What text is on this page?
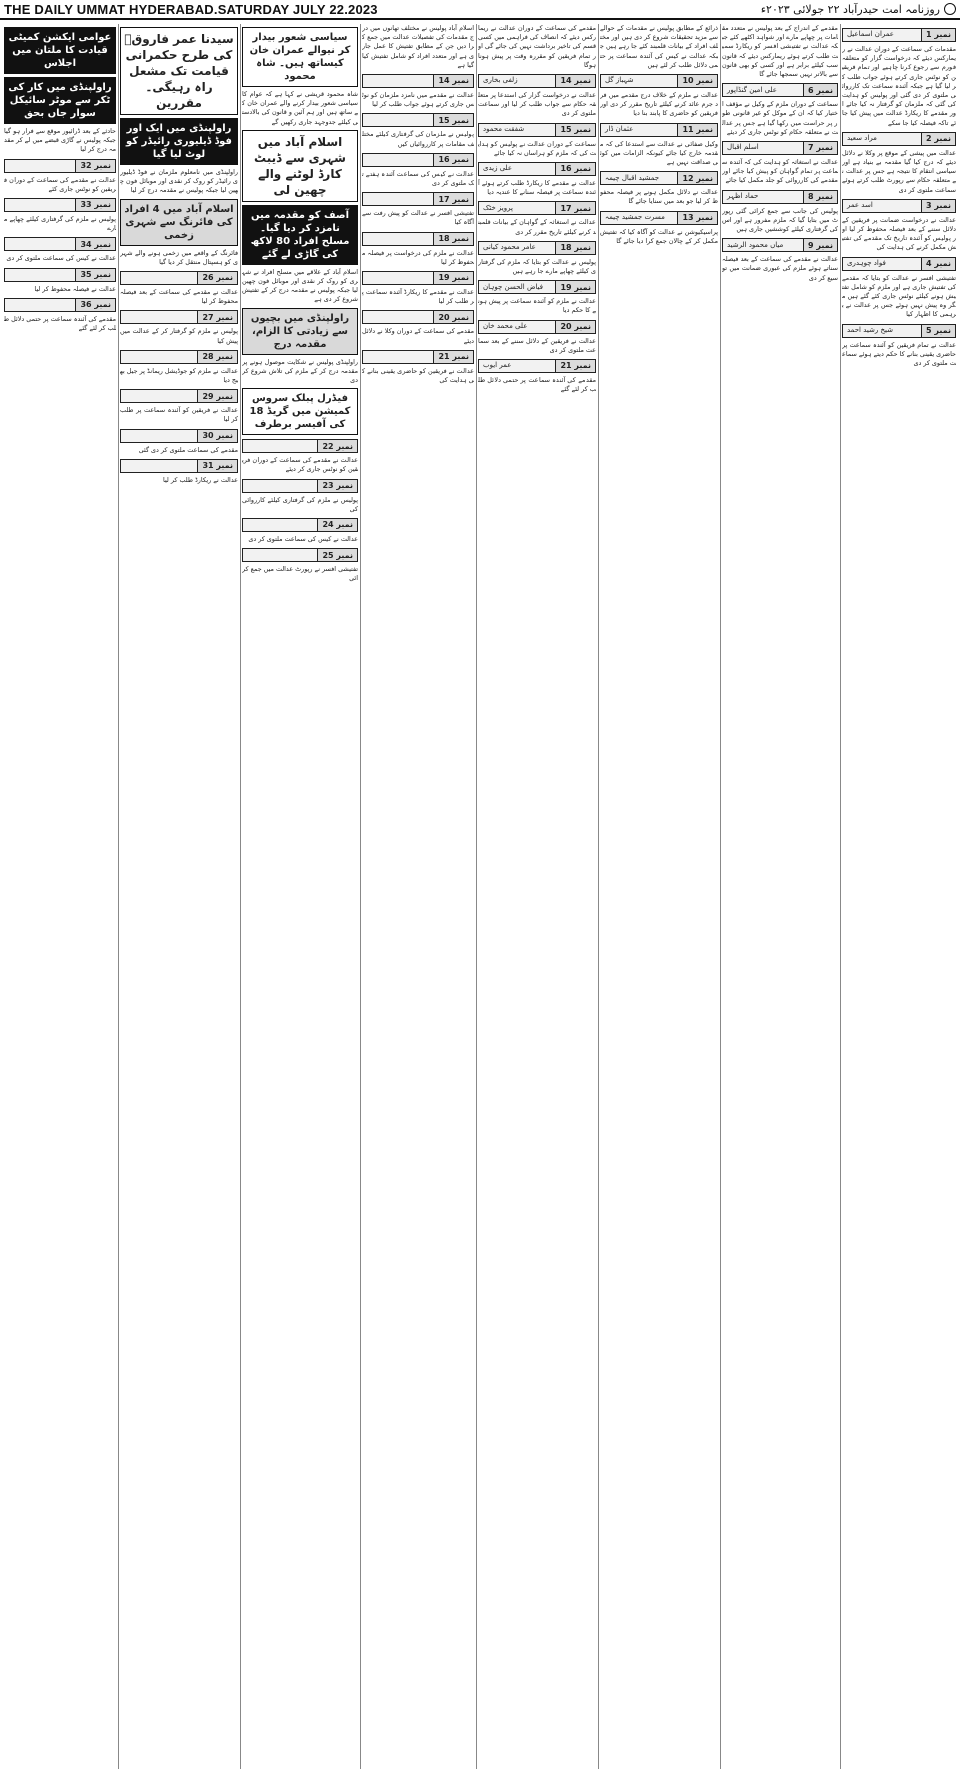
THE DAILY UMMAT HYDERABAD.SATURDAY JULY 22.2023	روزنامہ امت حیدرآباد ۲۲ جولائی ۲۰۲۳ء
نمبر 1
عمران اسماعیل

مقدمات کی سماعت کے دوران عدالت نے ریمارکس دیئے کہ درخواست گزار کو متعلقہ فورم سے رجوع کرنا چاہیے اور تمام فریقین کو نوٹس جاری کرتے ہوئے جواب طلب کر لیا گیا ہے جبکہ آئندہ سماعت تک کارروائی ملتوی کر دی گئی اور پولیس کو ہدایت کی گئی کہ ملزمان کو گرفتار نہ کیا جائے اور مقدمے کا ریکارڈ عدالت میں پیش کیا جائے تاکہ فیصلہ کیا جا سکے

نمبر 2
مراد سعید

عدالت میں پیشی کے موقع پر وکلا نے دلائل دیئے کہ درج کیا گیا مقدمہ بے بنیاد ہے اور سیاسی انتقام کا نتیجہ ہے جس پر عدالت نے متعلقہ حکام سے رپورٹ طلب کرتے ہوئے سماعت ملتوی کر دی

نمبر 3
اسد عمر

عدالت نے درخواست ضمانت پر فریقین کے دلائل سننے کے بعد فیصلہ محفوظ کر لیا اور پولیس کو آئندہ تاریخ تک مقدمے کی تفتیش مکمل کرنے کی ہدایت کی

نمبر 4
فواد چوہدری

تفتیشی افسر نے عدالت کو بتایا کہ مقدمے کی تفتیش جاری ہے اور ملزم کو شامل تفتیش ہونے کیلئے نوٹس جاری کئے گئے ہیں مگر وہ پیش نہیں ہوئے جس پر عدالت نے برہمی کا اظہار کیا

نمبر 5
شیخ رشید احمد

عدالت نے تمام فریقین کو آئندہ سماعت پر حاضری یقینی بنانے کا حکم دیتے ہوئے سماعت ملتوی کر دی

مقدمے کے اندراج کے بعد پولیس نے متعدد مقامات پر چھاپے مارے اور شواہد اکٹھے کئے جبکہ عدالت نے تفتیشی افسر کو ریکارڈ سمیت طلب کرتے ہوئے ریمارکس دیئے کہ قانون سب کیلئے برابر ہے اور کسی کو بھی قانون سے بالاتر نہیں سمجھا جائے گا

نمبر 6
علی امین گنڈاپور

سماعت کے دوران ملزم کے وکیل نے مؤقف اختیار کیا کہ ان کے موکل کو غیر قانونی طور پر حراست میں رکھا گیا ہے جس پر عدالت نے متعلقہ حکام کو نوٹس جاری کر دیئے

نمبر 7
اسلم اقبال

عدالت نے استغاثہ کو ہدایت کی کہ آئندہ سماعت پر تمام گواہان کو پیش کیا جائے اور مقدمے کی کارروائی کو جلد مکمل کیا جائے

نمبر 8
حماد اظہر

پولیس کی جانب سے جمع کرائی گئی رپورٹ میں بتایا گیا کہ ملزم مفرور ہے اور اس کی گرفتاری کیلئے کوششیں جاری ہیں

نمبر 9
میاں محمود الرشید

عدالت نے مقدمے کی سماعت کے بعد فیصلہ سناتے ہوئے ملزم کی عبوری ضمانت میں توسیع کر دی

ذرائع کے مطابق پولیس نے مقدمات کے حوالے سے مزید تحقیقات شروع کر دی ہیں اور مختلف افراد کے بیانات قلمبند کئے جا رہے ہیں جبکہ عدالت نے کیس کی آئندہ سماعت پر حتمی دلائل طلب کر لئے ہیں

نمبر 10
شہباز گل

عدالت نے ملزم کے خلاف درج مقدمے میں فرد جرم عائد کرنے کیلئے تاریخ مقرر کر دی اور فریقین کو حاضری کا پابند بنا دیا

نمبر 11
عثمان ڈار

وکیل صفائی نے عدالت سے استدعا کی کہ مقدمہ خارج کیا جائے کیونکہ الزامات میں کوئی صداقت نہیں ہے

نمبر 12
جمشید اقبال چیمہ

عدالت نے دلائل مکمل ہونے پر فیصلہ محفوظ کر لیا جو بعد میں سنایا جائے گا

نمبر 13
مسرت جمشید چیمہ

پراسیکیوشن نے عدالت کو آگاہ کیا کہ تفتیش مکمل کر کے چالان جمع کرا دیا جائے گا

مقدمے کی سماعت کے دوران عدالت نے ریمارکس دیئے کہ انصاف کی فراہمی میں کسی قسم کی تاخیر برداشت نہیں کی جائے گی اور تمام فریقین کو مقررہ وقت پر پیش ہونا ہوگا

نمبر 14
زلفی بخاری

عدالت نے درخواست گزار کی استدعا پر متعلقہ حکام سے جواب طلب کر لیا اور سماعت ملتوی کر دی

نمبر 15
شفقت محمود

سماعت کے دوران عدالت نے پولیس کو ہدایت کی کہ ملزم کو ہراساں نہ کیا جائے

نمبر 16
علی زیدی

عدالت نے مقدمے کا ریکارڈ طلب کرتے ہوئے آئندہ سماعت پر فیصلہ سنانے کا عندیہ دیا

نمبر 17
پرویز خٹک

عدالت نے استغاثہ کے گواہان کے بیانات قلمبند کرنے کیلئے تاریخ مقرر کر دی

نمبر 18
عامر محمود کیانی

پولیس نے عدالت کو بتایا کہ ملزم کی گرفتاری کیلئے چھاپے مارے جا رہے ہیں

نمبر 19
فیاض الحسن چوہان

عدالت نے ملزم کو آئندہ سماعت پر پیش ہونے کا حکم دیا

نمبر 20
علی محمد خان

عدالت نے فریقین کے دلائل سننے کے بعد سماعت ملتوی کر دی

نمبر 21
عمر ایوب

مقدمے کی آئندہ سماعت پر حتمی دلائل طلب کر لئے گئے

اسلام آباد پولیس نے مختلف تھانوں میں درج مقدمات کی تفصیلات عدالت میں جمع کرا دیں جن کے مطابق تفتیش کا عمل جاری ہے اور متعدد افراد کو شامل تفتیش کیا گیا ہے

نمبر 14

عدالت نے مقدمے میں نامزد ملزمان کو نوٹس جاری کرتے ہوئے جواب طلب کر لیا

نمبر 15

پولیس نے ملزمان کی گرفتاری کیلئے مختلف مقامات پر کارروائیاں کیں

نمبر 16

عدالت نے کیس کی سماعت آئندہ ہفتے تک ملتوی کر دی

نمبر 17

تفتیشی افسر نے عدالت کو پیش رفت سے آگاہ کیا

نمبر 18

عدالت نے ملزم کی درخواست پر فیصلہ محفوظ کر لیا

نمبر 19

عدالت نے مقدمے کا ریکارڈ آئندہ سماعت پر طلب کر لیا

نمبر 20

مقدمے کی سماعت کے دوران وکلا نے دلائل دیئے

نمبر 21

عدالت نے فریقین کو حاضری یقینی بنانے کی ہدایت کی

سیاسی شعور بیدار کر نیوالے عمران خان کیساتھ ہیں۔ شاہ محمود

شاہ محمود قریشی نے کہا ہے کہ عوام کا سیاسی شعور بیدار کرنے والے عمران خان کے ساتھ ہیں اور ہم آئین و قانون کی بالادستی کیلئے جدوجہد جاری رکھیں گے

اسلام آباد میں شہری سے ڈیبٹ کارڈ لوٹنے والے چھین لی
آصف کو مقدمہ میں نامزد کر دیا گیا۔ مسلح افراد 80 لاکھ کی گاڑی لے گئے

اسلام آباد کے علاقے میں مسلح افراد نے شہری کو روک کر نقدی اور موبائل فون چھین لیا جبکہ پولیس نے مقدمہ درج کر کے تفتیش شروع کر دی ہے

راولپنڈی میں بچیوں سے زیادتی کا الزام، مقدمہ درج

راولپنڈی پولیس نے شکایت موصول ہونے پر مقدمہ درج کر کے ملزم کی تلاش شروع کر دی

فیڈرل پبلک سروس کمیشن میں گریڈ 18 کی آفیسر برطرف
نمبر 22

عدالت نے مقدمے کی سماعت کے دوران فریقین کو نوٹس جاری کر دیئے

نمبر 23

پولیس نے ملزم کی گرفتاری کیلئے کارروائی کی

نمبر 24

عدالت نے کیس کی سماعت ملتوی کر دی

نمبر 25

تفتیشی افسر نے رپورٹ عدالت میں جمع کرائی

سیدنا عمر فاروقؓ کی طرح حکمرانی قیامت تک مشعل راہ رہیگی۔ مقررین
راولپنڈی میں ایک اور فوڈ ڈیلیوری رائیڈر کو لوٹ لیا گیا

راولپنڈی میں نامعلوم ملزمان نے فوڈ ڈیلیوری رائیڈر کو روک کر نقدی اور موبائل فون چھین لیا جبکہ پولیس نے مقدمہ درج کر لیا

اسلام آباد میں 4 افراد کی فائرنگ سے شہری زخمی

فائرنگ کے واقعے میں زخمی ہونے والے شہری کو ہسپتال منتقل کر دیا گیا

نمبر 26

عدالت نے مقدمے کی سماعت کے بعد فیصلہ محفوظ کر لیا

نمبر 27

پولیس نے ملزم کو گرفتار کر کے عدالت میں پیش کیا

نمبر 28

عدالت نے ملزم کو جوڈیشل ریمانڈ پر جیل بھیج دیا

نمبر 29

عدالت نے فریقین کو آئندہ سماعت پر طلب کر لیا

نمبر 30

مقدمے کی سماعت ملتوی کر دی گئی

نمبر 31

عدالت نے ریکارڈ طلب کر لیا

عوامی ایکشن کمیٹی قیادت کا ملتان میں اجلاس
راولپنڈی میں کار کی ٹکر سے موٹر سائیکل سوار جاں بحق

حادثے کے بعد ڈرائیور موقع سے فرار ہو گیا جبکہ پولیس نے گاڑی قبضے میں لے کر مقدمہ درج کر لیا

نمبر 32

عدالت نے مقدمے کی سماعت کے دوران فریقین کو نوٹس جاری کئے

نمبر 33

پولیس نے ملزم کی گرفتاری کیلئے چھاپے مارے

نمبر 34

عدالت نے کیس کی سماعت ملتوی کر دی

نمبر 35

عدالت نے فیصلہ محفوظ کر لیا

نمبر 36

مقدمے کی آئندہ سماعت پر حتمی دلائل طلب کر لئے گئے
